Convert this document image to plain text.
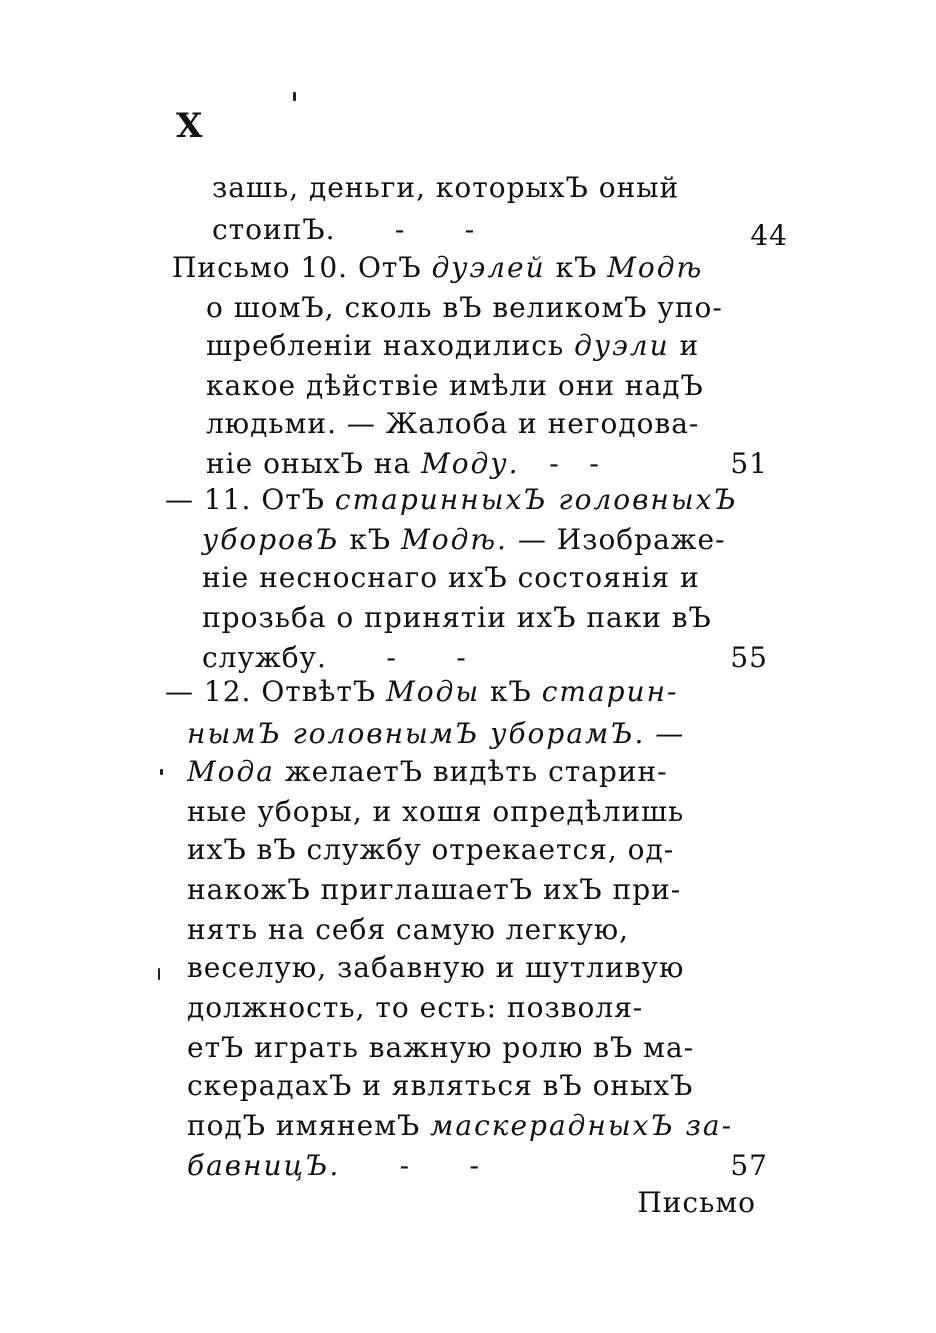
X
зашь, деньги, которыхЪ оный
стоипЪ.      -      -	44
Письмо 10. ОтЪ дуэлей кЪ Модѣ
о шомЪ, сколь вЪ великомЪ упо-
шребленіи находились дуэли и
какое дѣйствіе имѣли они надЪ
людьми. — Жалоба и негодова-
ніе оныхЪ на Моду.   -   -	51
— 11. ОтЪ старинныхЪ головныхЪ
уборовЪ кЪ Модѣ. — Изображе-
ніе несноснаго ихЪ состоянія и
прозьба о принятіи ихЪ паки вЪ
службу.      -      -	55
— 12. ОтвѣтЪ Моды кЪ старин-
нымЪ головнымЪ уборамЪ. —
Мода желаетЪ видѣть старин-
ные уборы, и хошя опредѣлишь
ихЪ вЪ службу отрекается, од-
накожЪ приглашаетЪ ихЪ при-
нять на себя самую легкую,
веселую, забавную и шутливую
должность, то есть: позволя-
етЪ играть важную ролю вЪ ма-
скерадахЪ и являться вЪ оныхЪ
подЪ имянемЪ маскерадныхЪ за-
бавницЪ.      -      -	57
Письмо
